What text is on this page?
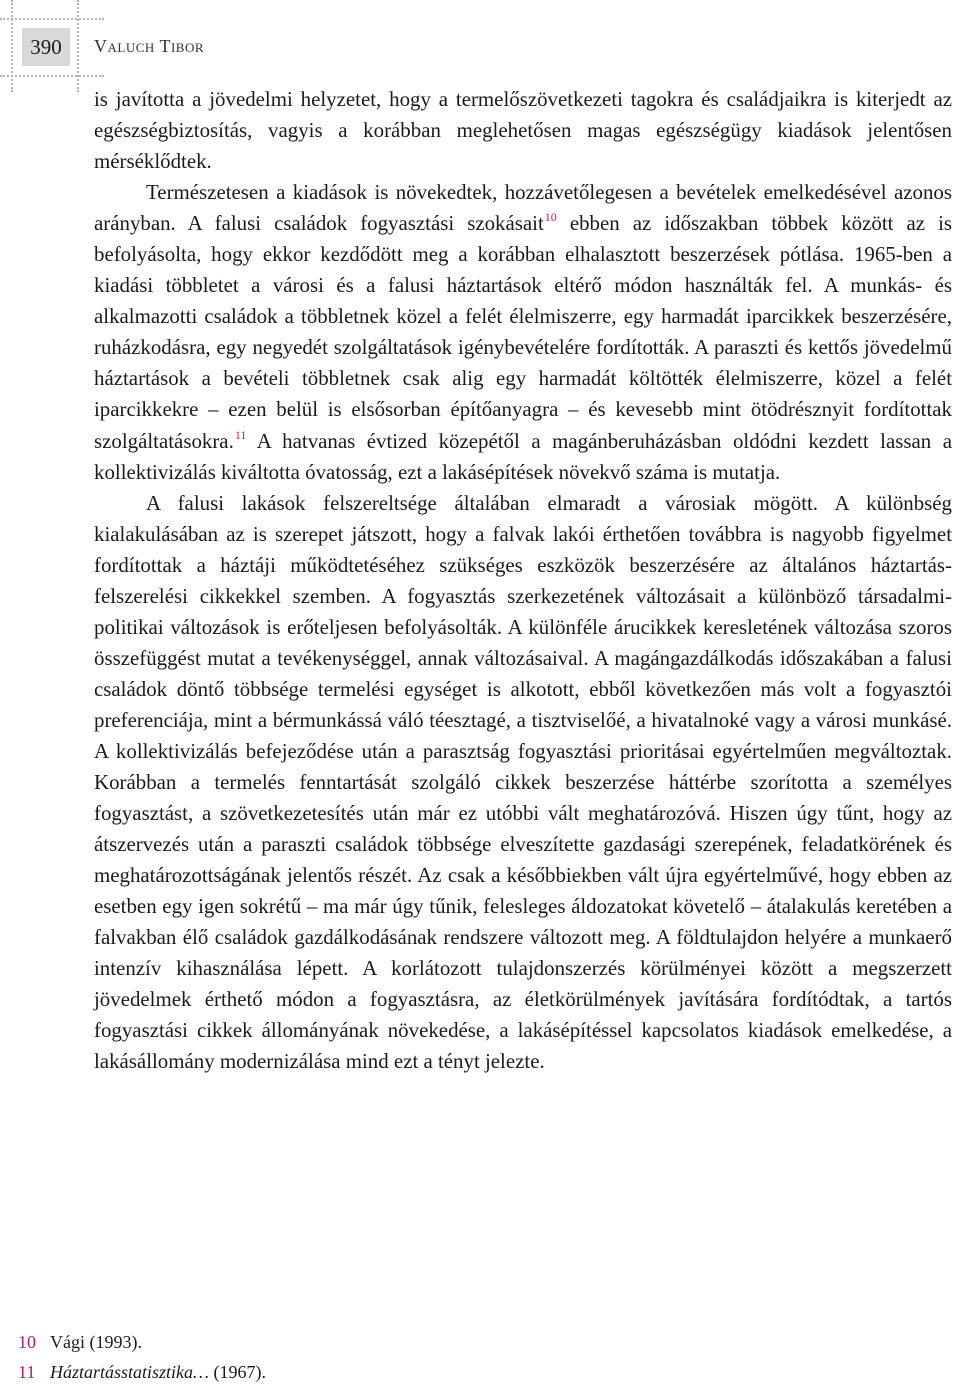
390	Valuch Tibor

is javította a jövedelmi helyzetet, hogy a termelőszövetkezeti tagokra és családjaikra is kiterjedt az egészségbiztosítás, vagyis a korábban meglehetősen magas egészségügy kiadások jelentősen mérséklődtek.

Természetesen a kiadások is növekedtek, hozzávetőlegesen a bevételek emelkedésével azonos arányban. A falusi családok fogyasztási szokásait$^{10}$ ebben az időszakban többek között az is befolyásolta, hogy ekkor kezdődött meg a korábban elhalasztott beszerzések pótlása. 1965-ben a kiadási többletet a városi és a falusi háztartások eltérő módon használták fel. A munkás- és alkalmazotti családok a többletnek közel a felét élelmiszerre, egy harmadát iparcikkek beszerzésére, ruházkodásra, egy negyedét szolgáltatások igénybevételére fordították. A paraszti és kettős jövedelmű háztartások a bevételi többletnek csak alig egy harmadát költötték élelmiszerre, közel a felét iparcikkekre – ezen belül is elsősorban építőanyagra – és kevesebb mint ötödrésznyit fordítottak szolgáltatásokra.$^{11}$ A hatvanas évtized közepétől a magánberuházásban oldódni kezdett lassan a kollektivizálás kiváltotta óvatosság, ezt a lakásépítések növekvő száma is mutatja.

A falusi lakások felszereltsége általában elmaradt a városiak mögött. A különbség kialakulásában az is szerepet játszott, hogy a falvak lakói érthetően továbbra is nagyobb figyelmet fordítottak a háztáji működtetéséhez szükséges eszközök beszerzésére az általános háztartás-felszerelési cikkekkel szemben. A fogyasztás szerkezetének változásait a különböző társadalmi-politikai változások is erőteljesen befolyásolták. A különféle árucikkek keresletének változása szoros összefüggést mutat a tevékenységgel, annak változásaival. A magángazdálkodás időszakában a falusi családok döntő többsége termelési egységet is alkotott, ebből következően más volt a fogyasztói preferenciája, mint a bérmunkássá váló téesztagé, a tisztviselőé, a hivatalnoké vagy a városi munkásé. A kollektivizálás befejeződése után a parasztság fogyasztási prioritásai egyértelműen megváltoztak. Korábban a termelés fenntartását szolgáló cikkek beszerzése háttérbe szorította a személyes fogyasztást, a szövetkezetesítés után már ez utóbbi vált meghatározóvá. Hiszen úgy tűnt, hogy az átszervezés után a paraszti családok többsége elveszítette gazdasági szerepének, feladatkörének és meghatározottságának jelentős részét. Az csak a későbbiekben vált újra egyértelművé, hogy ebben az esetben egy igen sokrétű – ma már úgy tűnik, felesleges áldozatokat követelő – átalakulás keretében a falvakban élő családok gazdálkodásának rendszere változott meg. A földtulajdon helyére a munkaerő intenzív kihasználása lépett. A korlátozott tulajdonszerzés körülményei között a megszerzett jövedelmek érthető módon a fogyasztásra, az életkörülmények javítására fordítódtak, a tartós fogyasztási cikkek állományának növekedése, a lakásépítéssel kapcsolatos kiadások emelkedése, a lakásállomány modernizálása mind ezt a tényt jelezte.

10 Vági (1993).
11 Háztartásstatisztika… (1967).
